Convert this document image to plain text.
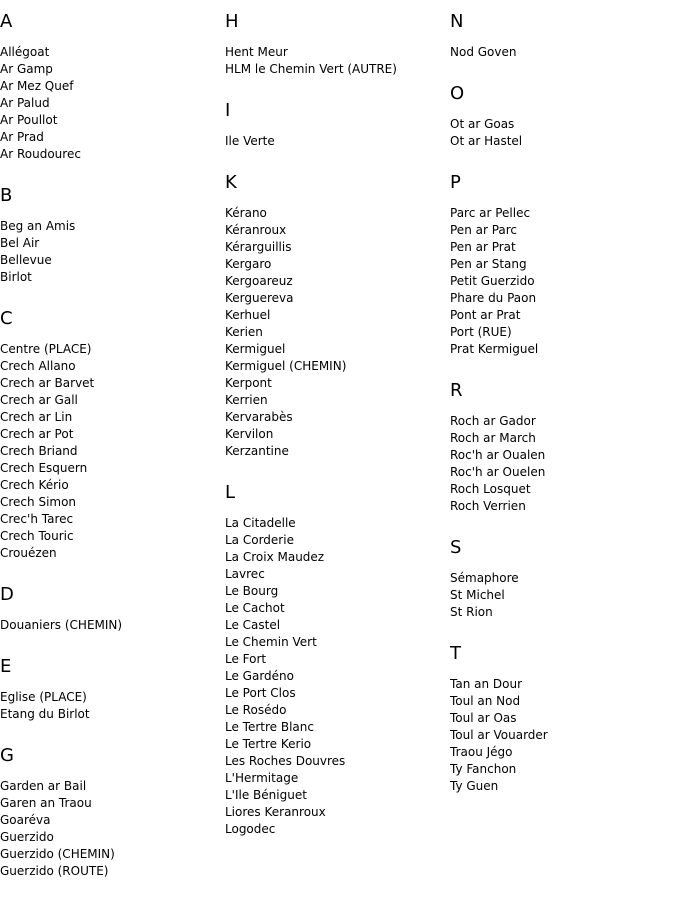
A
Allégoat
Ar Gamp
Ar Mez Quef
Ar Palud
Ar Poullot
Ar Prad
Ar Roudourec
B
Beg an Amis
Bel Air
Bellevue
Birlot
C
Centre (PLACE)
Crech Allano
Crech ar Barvet
Crech ar Gall
Crech ar Lin
Crech ar Pot
Crech Briand
Crech Esquern
Crech Kério
Crech Simon
Crec'h Tarec
Crech Touric
Crouézen
D
Douaniers (CHEMIN)
E
Eglise (PLACE)
Etang du Birlot
G
Garden ar Bail
Garen an Traou
Goaréva
Guerzido
Guerzido (CHEMIN)
Guerzido (ROUTE)
H
Hent Meur
HLM le Chemin Vert (AUTRE)
I
Ile Verte
K
Kérano
Kéranroux
Kérarguillis
Kergaro
Kergoareuz
Kerguereva
Kerhuel
Kerien
Kermiguel
Kermiguel (CHEMIN)
Kerpont
Kerrien
Kervarabès
Kervilon
Kerzantine
L
La Citadelle
La Corderie
La Croix Maudez
Lavrec
Le Bourg
Le Cachot
Le Castel
Le Chemin Vert
Le Fort
Le Gardéno
Le Port Clos
Le Rosédo
Le Tertre Blanc
Le Tertre Kerio
Les Roches Douvres
L'Hermitage
L'Ile Béniguet
Liores Keranroux
Logodec
N
Nod Goven
O
Ot ar Goas
Ot ar Hastel
P
Parc ar Pellec
Pen ar Parc
Pen ar Prat
Pen ar Stang
Petit Guerzido
Phare du Paon
Pont ar Prat
Port (RUE)
Prat Kermiguel
R
Roch ar Gador
Roch ar March
Roc'h ar Oualen
Roc'h ar Ouelen
Roch Losquet
Roch Verrien
S
Sémaphore
St Michel
St Rion
T
Tan an Dour
Toul an Nod
Toul ar Oas
Toul ar Vouarder
Traou Jégo
Ty Fanchon
Ty Guen
